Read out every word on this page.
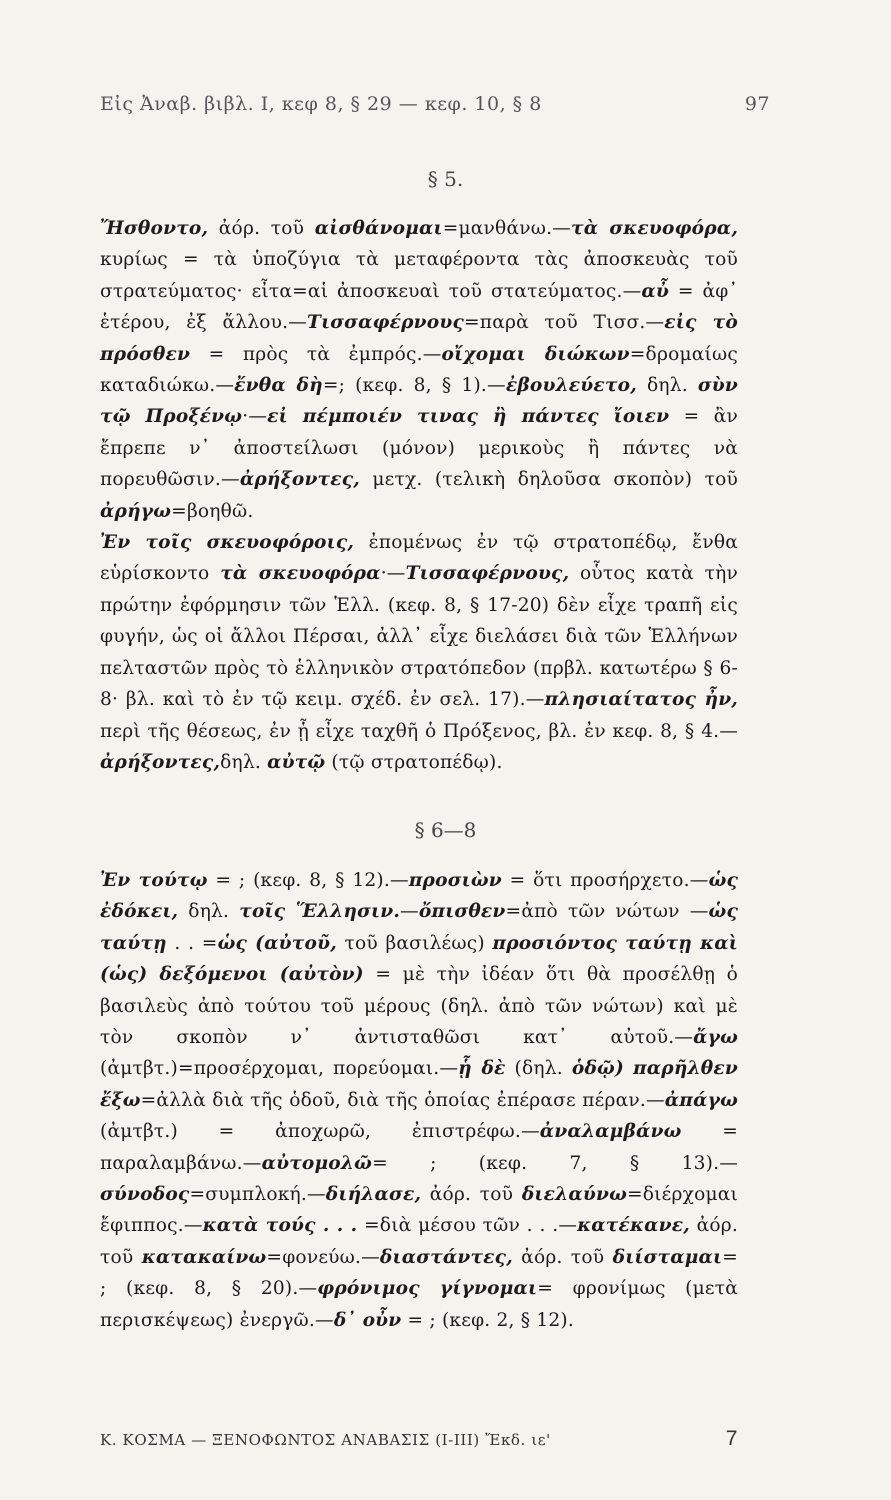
Εἰς Ἀναβ. βιβλ. I, κεφ 8, § 29 — κεφ. 10, § 8	97
§ 5.

Ἤσθοντο, ἀόρ. τοῦ αἰσθάνομαι=μανθάνω.—τὰ σκευοφόρα, κυρίως = τὰ ὑποζύγια τὰ μεταφέροντα τὰς ἀποσκευὰς τοῦ στρατεύματος· εἶτα=αἱ ἀποσκευαὶ τοῦ στατεύματος.—αὖ = ἀφ᾿ ἑτέρου, ἐξ ἄλλου.—Τισσαφέρνους=παρὰ τοῦ Τισσ.—εἰς τὸ πρόσθεν = πρὸς τὰ ἐμπρός.—οἴχομαι διώκων=δρομαίως καταδιώκω.—ἔνθα δὴ=; (κεφ. 8, § 1).—ἐβουλεύετο, δηλ. σὺν τῷ Προξένῳ·—εἰ πέμποιέν τινας ἢ πάντες ἴοιεν = ἂν ἔπρεπε ν᾿ ἀποστείλωσι (μόνον) μερικοὺς ἢ πάντες νὰ πορευθῶσιν.—ἀρήξοντες, μετχ. (τελικὴ δηλοῦσα σκοπὸν) τοῦ ἀρήγω=βοηθῶ.

Ἐν τοῖς σκευοφόροις, ἐπομένως ἐν τῷ στρατοπέδῳ, ἔνθα εὑρίσκοντο τὰ σκευοφόρα·—Τισσαφέρνους, οὗτος κατὰ τὴν πρώτην ἐφόρμησιν τῶν Ἑλλ. (κεφ. 8, § 17-20) δὲν εἶχε τραπῆ εἰς φυγήν, ὡς οἱ ἄλλοι Πέρσαι, ἀλλ᾿ εἶχε διελάσει διὰ τῶν Ἑλλήνων πελταστῶν πρὸς τὸ ἑλληνικὸν στρατόπεδον (πρβλ. κατωτέρω § 6-8· βλ. καὶ τὸ ἐν τῷ κειμ. σχέδ. ἐν σελ. 17).—πλησιαίτατος ἦν, περὶ τῆς θέσεως, ἐν ᾗ εἶχε ταχθῆ ὁ Πρόξενος, βλ. ἐν κεφ. 8, § 4.—ἀρήξοντες,δηλ. αὐτῷ (τῷ στρατοπέδῳ).

§ 6—8

Ἐν τούτῳ = ; (κεφ. 8, § 12).—προσιὼν = ὅτι προσήρχετο.—ὡς ἐδόκει, δηλ. τοῖς Ἕλλησιν.—ὄπισθεν=ἀπὸ τῶν νώτων —ὡς ταύτῃ . . =ὡς (αὐτοῦ, τοῦ βασιλέως) προσιόντος ταύτῃ καὶ (ὡς) δεξόμενοι (αὐτὸν) = μὲ τὴν ἰδέαν ὅτι θὰ προσέλθῃ ὁ βασιλεὺς ἀπὸ τούτου τοῦ μέρους (δηλ. ἀπὸ τῶν νώτων) καὶ μὲ τὸν σκοπὸν ν᾿ ἀντισταθῶσι κατ᾿ αὐτοῦ.—ἄγω (ἀμτβτ.)=προσέρχομαι, πορεύομαι.—ᾗ δὲ (δηλ. ὁδῷ) παρῆλθεν ἔξω=ἀλλὰ διὰ τῆς ὁδοῦ, διὰ τῆς ὁποίας ἐπέρασε πέραν.—ἀπάγω (ἀμτβτ.) = ἀποχωρῶ, ἐπιστρέφω.—ἀναλαμβάνω = παραλαμβάνω.—αὐτομολῶ= ; (κεφ. 7, § 13).—σύνοδος=συμπλοκή.—διήλασε, ἀόρ. τοῦ διελαύνω=διέρχομαι ἔφιππος.—κατὰ τούς . . . =διὰ μέσου τῶν . . .—κατέκανε, ἀόρ. τοῦ κατακαίνω=φονεύω.—διαστάντες, ἀόρ. τοῦ διίσταμαι= ; (κεφ. 8, § 20).—φρόνιμος γίγνομαι= φρονίμως (μετὰ περισκέψεως) ἐνεργῶ.—δ᾿ οὖν = ; (κεφ. 2, § 12).

Κ. ΚΟΣΜΑ — ΞΕΝΟΦΩΝΤΟΣ ΑΝΑΒΑΣΙΣ (I-III) Ἔκδ. ιε'	7
